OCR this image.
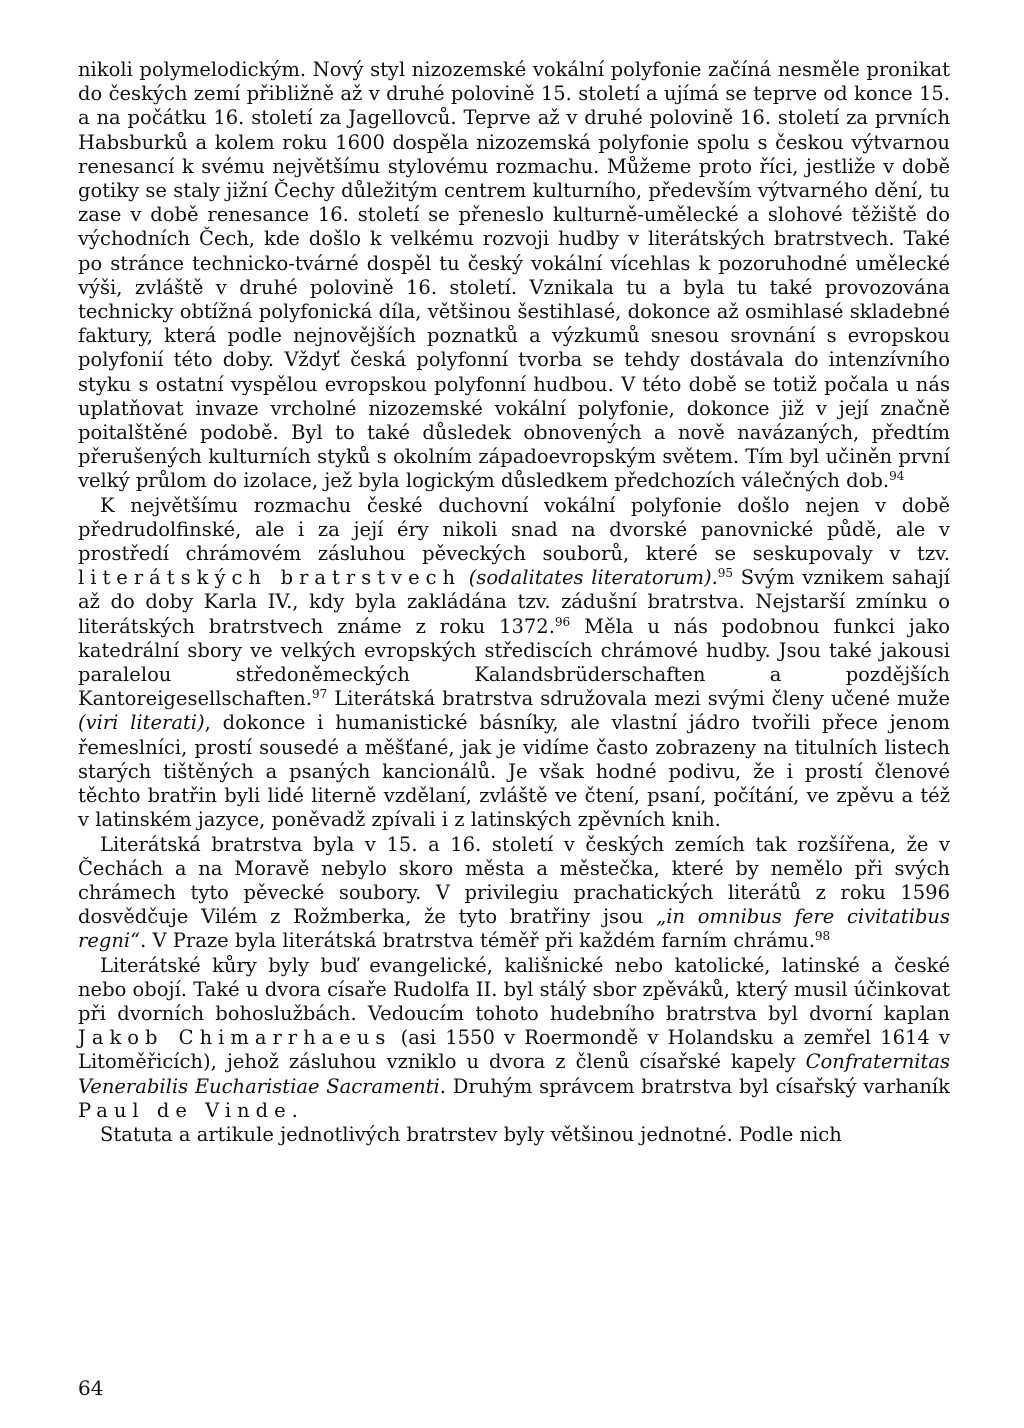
nikoli polymelodickým. Nový styl nizozemské vokální polyfonie začíná nesměle pronikat do českých zemí přibližně až v druhé polovině 15. století a ujímá se teprve od konce 15. a na počátku 16. století za Jagellovců. Teprve až v druhé polovině 16. století za prvních Habsburků a kolem roku 1600 dospěla nizozemská polyfonie spolu s českou výtvarnou renesancí k svému největšímu stylovému rozmachu. Můžeme proto říci, jestliže v době gotiky se staly jižní Čechy důležitým centrem kulturního, především výtvarného dění, tu zase v době renesance 16. století se přeneslo kulturně-umělecké a slohové těžiště do východních Čech, kde došlo k velkému rozvoji hudby v literátských bratrstvech. Také po stránce technicko-tvárné dospěl tu český vokální vícehlas k pozoruhodné umělecké výši, zvláště v druhé polovině 16. století. Vznikala tu a byla tu také provozována technicky obtížná polyfonická díla, většinou šestihlasé, dokonce až osmihlasé skladebné faktury, která podle nejnovějších poznatků a výzkumů snesou srovnání s evropskou polyfonií této doby. Vždyť česká polyfonní tvorba se tehdy dostávala do intenzívního styku s ostatní vyspělou evropskou polyfonní hudbou. V této době se totiž počala u nás uplatňovat invaze vrcholné nizozemské vokální polyfonie, dokonce již v její značně poitalštěné podobě. Byl to také důsledek obnovených a nově navázaných, předtím přerušených kulturních styků s okolním západoevropským světem. Tím byl učiněn první velký průlom do izolace, jež byla logickým důsledkem předchozích válečných dob.$^{94}$

K největšímu rozmachu české duchovní vokální polyfonie došlo nejen v době předrudolfinské, ale i za její éry nikoli snad na dvorské panovnické půdě, ale v prostředí chrámovém zásluhou pěveckých souborů, které se seskupovaly v tzv. literátských bratrstvech (sodalitates literatorum).$^{95}$ Svým vznikem sahají až do doby Karla IV., kdy byla zakládána tzv. zádušní bratrstva. Nejstarší zmínku o literátských bratrstvech známe z roku 1372.96 Měla u nás podobnou funkci jako katedrální sbory ve velkých evropských střediscích chrámové hudby. Jsou také jakousi paralelou středoněmeckých Kalandsbrüderschaften a pozdějších Kantoreigesellschaften.$^{97}$ Literátská bratrstva sdružovala mezi svými členy učené muže (viri literati), dokonce i humanistické básníky, ale vlastní jádro tvořili přece jenom řemeslníci, prostí sousedé a měšťané, jak je vidíme často zobrazeny na titulních listech starých tištěných a psaných kancionálů. Je však hodné podivu, že i prostí členové těchto bratřin byli lidé literně vzdělaní, zvláště ve čtení, psaní, počítání, ve zpěvu a též v latinském jazyce, poněvadž zpívali i z latinských zpěvních knih.

Literátská bratrstva byla v 15. a 16. století v českých zemích tak rozšířena, že v Čechách a na Moravě nebylo skoro města a městečka, které by nemělo při svých chrámech tyto pěvecké soubory. V privilegiu prachatických literátů z roku 1596 dosvědčuje Vilém z Rožmberka, že tyto bratřiny jsou „in omnibus fere civitatibus regni“. V Praze byla literátská bratrstva téměř při každém farním chrámu.$^{98}$

Literátské kůry byly buď evangelické, kališnické nebo katolické, latinské a české nebo obojí. Také u dvora císaře Rudolfa II. byl stálý sbor zpěváků, který musil účinkovat při dvorních bohoslužbách. Vedoucím tohoto hudebního bratrstva byl dvorní kaplan Jakob Chimarrhaeus (asi 1550 v Roermondě v Holandsku a zemřel 1614 v Litoměřicích), jehož zásluhou vzniklo u dvora z členů císařské kapely Confraternitas Venerabilis Eucharistiae Sacramenti. Druhým správcem bratrstva byl císařský varhaník Paul de Vinde.

Statuta a artikule jednotlivých bratrstev byly většinou jednotné. Podle nich

64
